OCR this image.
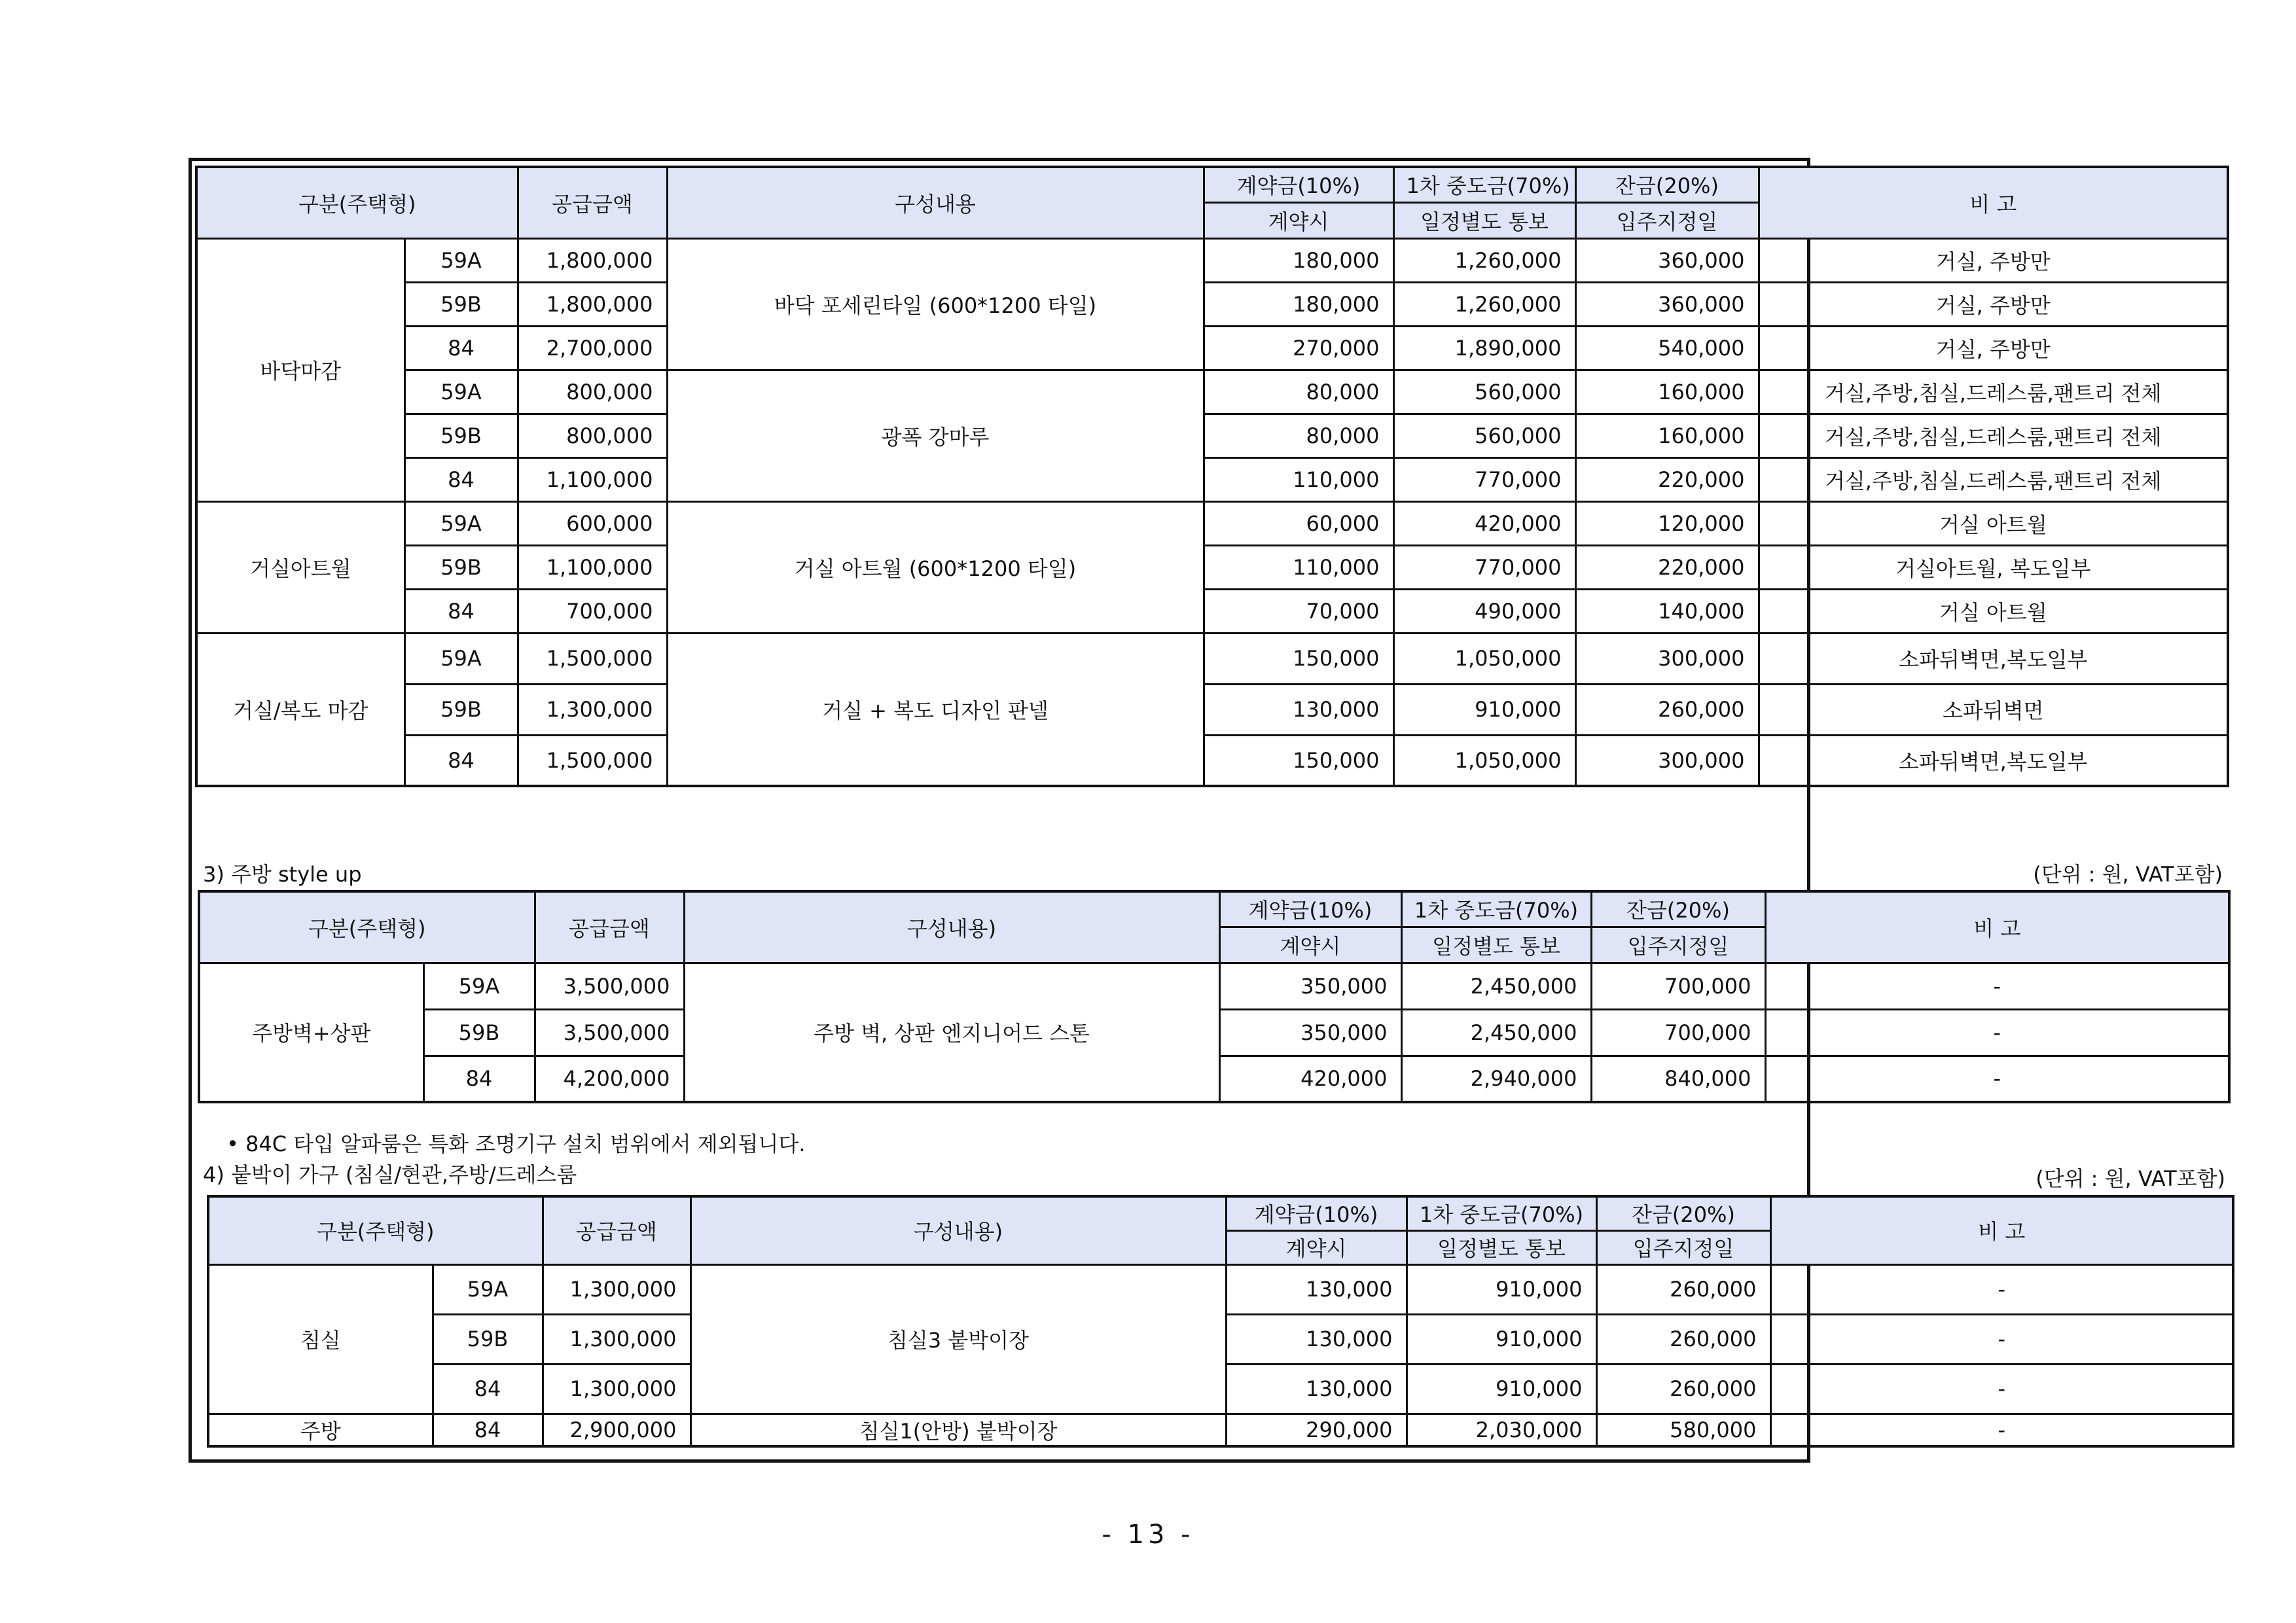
구분(주택형)		공급금액	구성내용	계약금(10%)	1차 중도금(70%)	잔금(20%)	비 고
				계약시	일정별도 통보	입주지정일	
바닥마감	59A	1,800,000	바닥 포세린타일 (600*1200 타일)	180,000	1,260,000	360,000	거실, 주방만
	59B	1,800,000		180,000	1,260,000	360,000	거실, 주방만
	84	2,700,000		270,000	1,890,000	540,000	거실, 주방만
	59A	800,000	광폭 강마루	80,000	560,000	160,000	거실,주방,침실,드레스룸,팬트리 전체
	59B	800,000		80,000	560,000	160,000	거실,주방,침실,드레스룸,팬트리 전체
	84	1,100,000		110,000	770,000	220,000	거실,주방,침실,드레스룸,팬트리 전체
거실아트월	59A	600,000	거실 아트월 (600*1200 타일)	60,000	420,000	120,000	거실 아트월
	59B	1,100,000		110,000	770,000	220,000	거실아트월, 복도일부
	84	700,000		70,000	490,000	140,000	거실 아트월
거실/복도 마감	59A	1,500,000	거실 + 복도 디자인 판넬	150,000	1,050,000	300,000	소파뒤벽면,복도일부
	59B	1,300,000		130,000	910,000	260,000	소파뒤벽면
	84	1,500,000		150,000	1,050,000	300,000	소파뒤벽면,복도일부
3) 주방 style up	(단위 : 원, VAT포함)
구분(주택형)		공급금액	구성내용)	계약금(10%)	1차 중도금(70%)	잔금(20%)	비 고
				계약시	일정별도 통보	입주지정일	
주방벽+상판	59A	3,500,000	주방 벽, 상판 엔지니어드 스톤	350,000	2,450,000	700,000	-
	59B	3,500,000		350,000	2,450,000	700,000	-
	84	4,200,000		420,000	2,940,000	840,000	-
• 84C 타입 알파룸은 특화 조명기구 설치 범위에서 제외됩니다.
4) 붙박이 가구 (침실/현관,주방/드레스룸	(단위 : 원, VAT포함)
구분(주택형)		공급금액	구성내용)	계약금(10%)	1차 중도금(70%)	잔금(20%)	비 고
				계약시	일정별도 통보	입주지정일	
침실	59A	1,300,000	침실3 붙박이장	130,000	910,000	260,000	-
	59B	1,300,000		130,000	910,000	260,000	-
	84	1,300,000		130,000	910,000	260,000	-
주방	84	2,900,000	침실1(안방) 붙박이장	290,000	2,030,000	580,000	-
- 13 -
